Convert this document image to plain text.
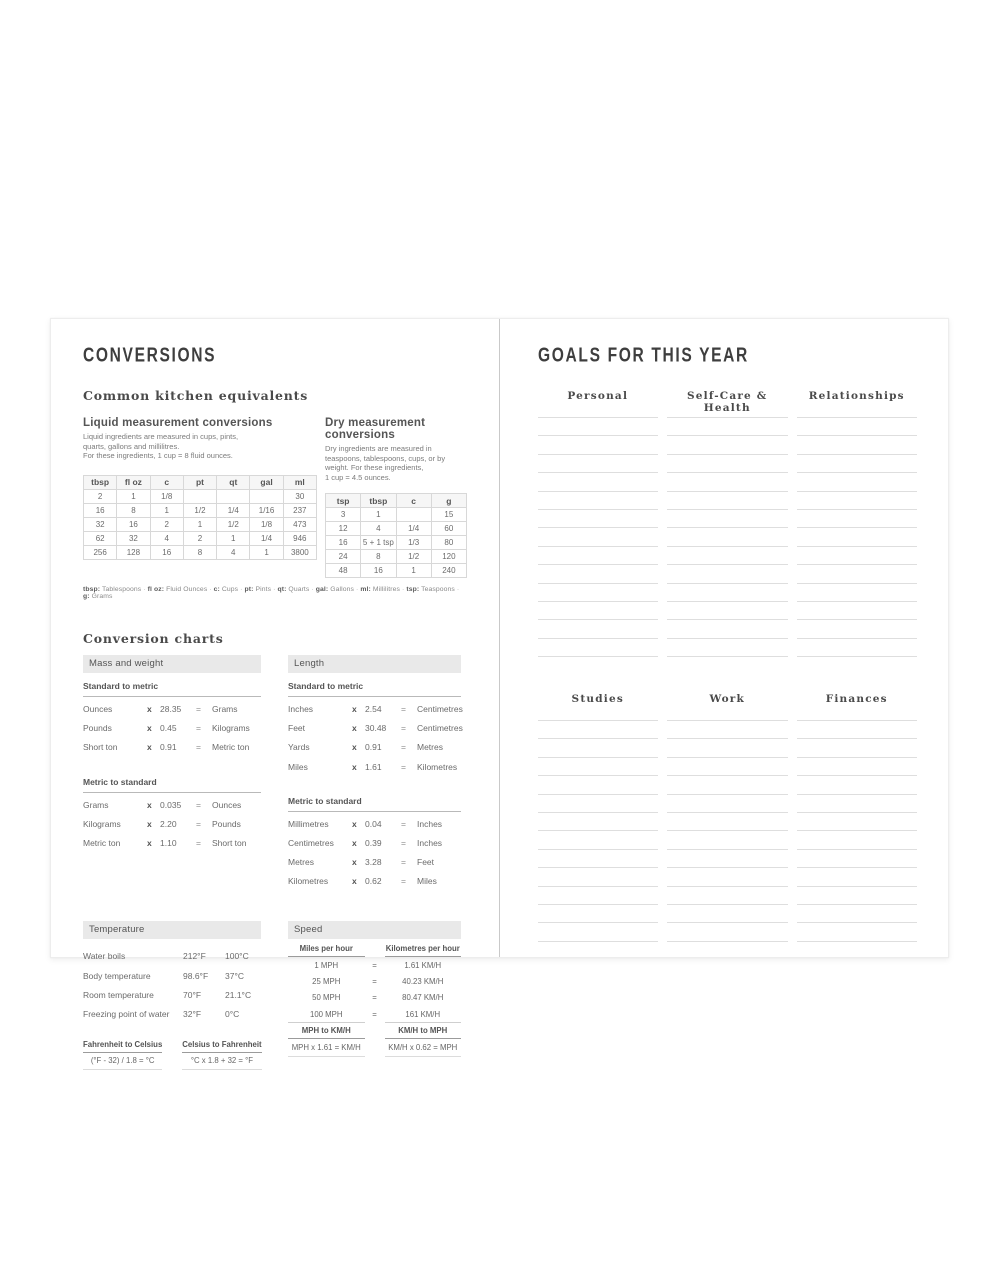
CONVERSIONS
Common kitchen equivalents
Liquid measurement conversions
Liquid ingredients are measured in cups, pints,
quarts, gallons and millilitres.
For these ingredients, 1 cup = 8 fluid ounces.
tbsp	fl oz	c	pt	qt	gal	ml
2	1	1/8				30
16	8	1	1/2	1/4	1/16	237
32	16	2	1	1/2	1/8	473
62	32	4	2	1	1/4	946
256	128	16	8	4	1	3800
Dry measurement conversions
Dry ingredients are measured in
teaspoons, tablespoons, cups, or by
weight. For these ingredients,
1 cup = 4.5 ounces.
tsp	tbsp	c	g
3	1		15
12	4	1/4	60
16	5 + 1 tsp	1/3	80
24	8	1/2	120
48	16	1	240
tbsp: Tablespoons · fl oz: Fluid Ounces · c: Cups · pt: Pints · qt: Quarts · gal: Gallons · ml: Millilitres · tsp: Teaspoons · g: Grams
Conversion charts
Mass and weight
Standard to metric
Ounces	x 28.35	=	Grams
Pounds	x 0.45	=	Kilograms
Short ton	x 0.91	=	Metric ton
Metric to standard
Grams	x 0.035	=	Ounces
Kilograms	x 2.20	=	Pounds
Metric ton	x 1.10	=	Short ton
Length
Standard to metric
Inches	x 2.54	=	Centimetres
Feet	x 30.48	=	Centimetres
Yards	x 0.91	=	Metres
Miles	x 1.61	=	Kilometres
Metric to standard
Millimetres	x 0.04	=	Inches
Centimetres	x 0.39	=	Inches
Metres	x 3.28	=	Feet
Kilometres	x 0.62	=	Miles
Temperature
Water boils	212°F	100°C
Body temperature	98.6°F	37°C
Room temperature	70°F	21.1°C
Freezing point of water	32°F	0°C
Fahrenheit to Celsius	Celsius to Fahrenheit
(°F - 32) / 1.8 = °C	°C x 1.8 + 32 = °F
Speed
Miles per hour	Kilometres per hour
1 MPH	=	1.61 KM/H
25 MPH	=	40.23 KM/H
50 MPH	=	80.47 KM/H
100 MPH	=	161 KM/H
MPH to KM/H	KM/H to MPH
MPH x 1.61 = KM/H	KM/H x 0.62 = MPH
GOALS FOR THIS YEAR
Personal	Self-Care & Health
Relationships
Studies	Work	Finances
